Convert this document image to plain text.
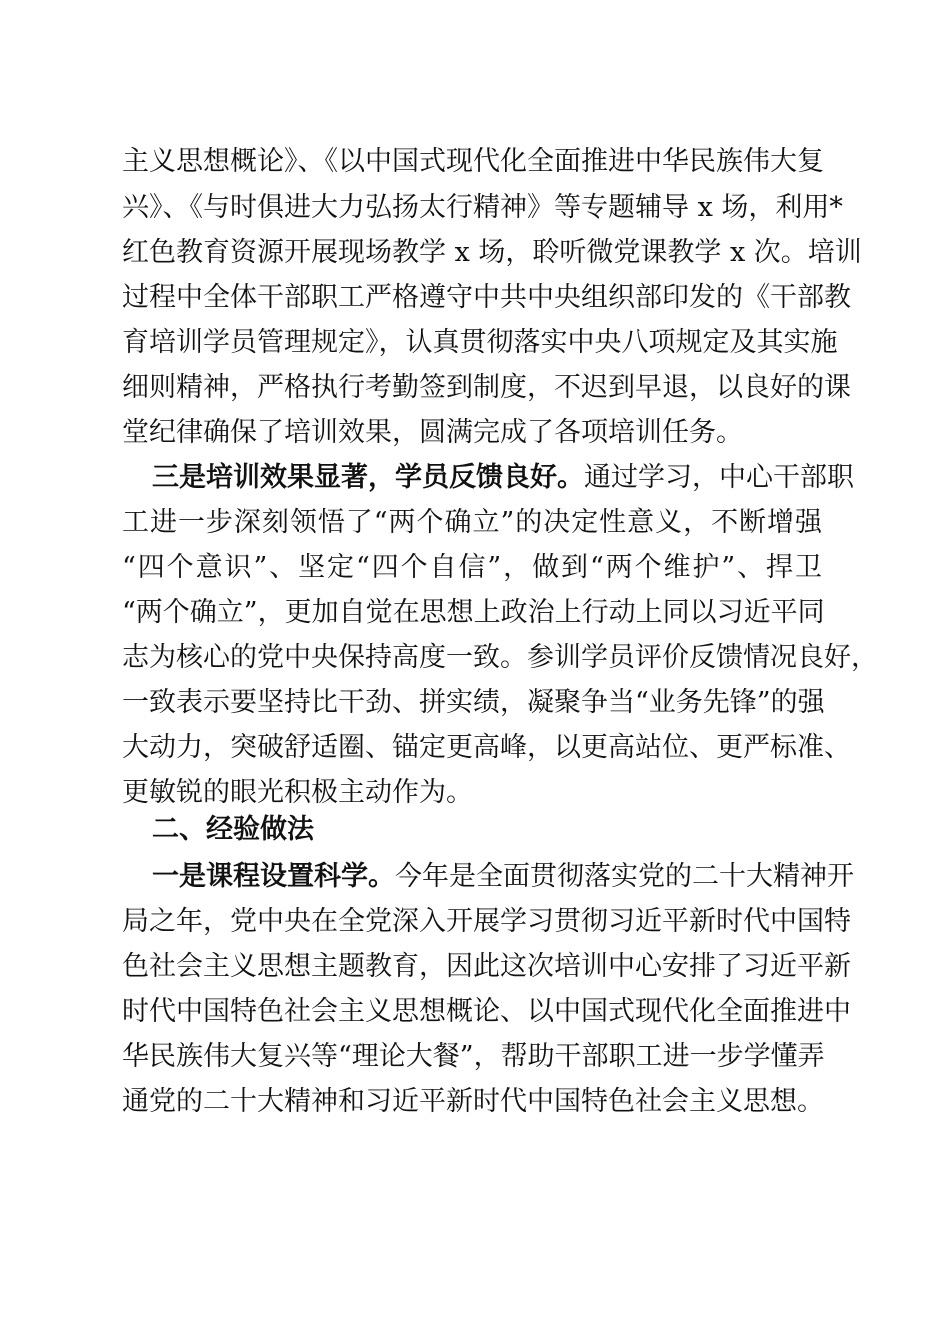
主义思想概论》、《以中国式现代化全面推进中华民族伟大复
兴》、《与时俱进大力弘扬太行精神》等专题辅导 x 场，利用*
红色教育资源开展现场教学 x 场，聆听微党课教学 x 次。培训
过程中全体干部职工严格遵守中共中央组织部印发的《干部教
育培训学员管理规定》，认真贯彻落实中央八项规定及其实施
细则精神，严格执行考勤签到制度，不迟到早退，以良好的课
堂纪律确保了培训效果，圆满完成了各项培训任务。
三是培训效果显著，学员反馈良好。通过学习，中心干部职
工进一步深刻领悟了“两个确立”的决定性意义，不断增强
“四个意识”、坚定“四个自信”，做到“两个维护”、捍卫
“两个确立”，更加自觉在思想上政治上行动上同以习近平同
志为核心的党中央保持高度一致。参训学员评价反馈情况良好，
一致表示要坚持比干劲、拼实绩，凝聚争当“业务先锋”的强
大动力，突破舒适圈、锚定更高峰，以更高站位、更严标准、
更敏锐的眼光积极主动作为。
二、经验做法
一是课程设置科学。今年是全面贯彻落实党的二十大精神开
局之年，党中央在全党深入开展学习贯彻习近平新时代中国特
色社会主义思想主题教育，因此这次培训中心安排了习近平新
时代中国特色社会主义思想概论、以中国式现代化全面推进中
华民族伟大复兴等“理论大餐”，帮助干部职工进一步学懂弄
通党的二十大精神和习近平新时代中国特色社会主义思想。
